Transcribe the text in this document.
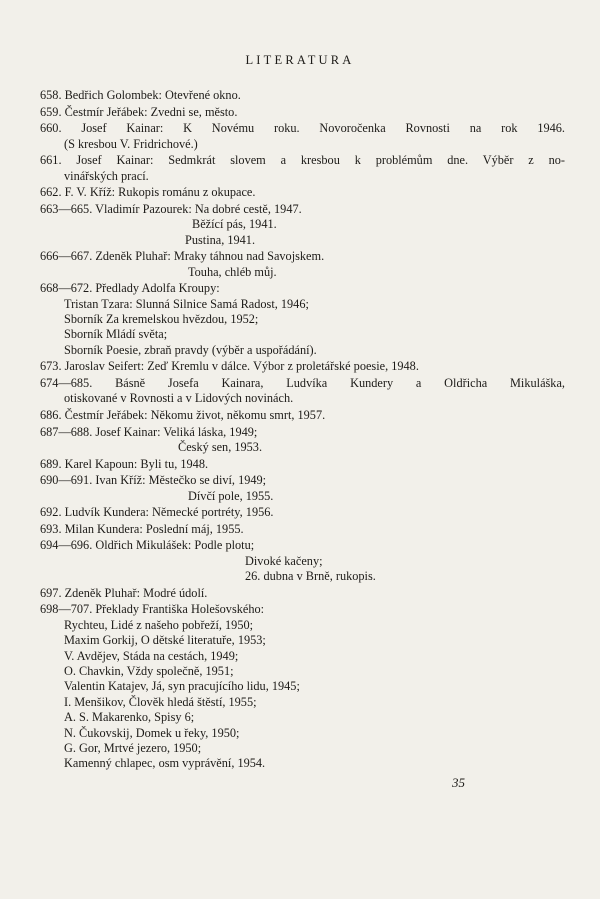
LITERATURA
658. Bedřich Golombek: Otevřené okno.
659. Čestmír Jeřábek: Zvedni se, město.
660. Josef Kainar: K Novému roku. Novoročenka Rovnosti na rok 1946.
(S kresbou V. Fridrichové.)
661. Josef Kainar: Sedmkrát slovem a kresbou k problémům dne. Výběr z no-
vinářských prací.
662. F. V. Kříž: Rukopis románu z okupace.
663—665. Vladimír Pazourek: Na dobré cestě, 1947.
Běžící pás, 1941.
Pustina, 1941.
666—667. Zdeněk Pluhař: Mraky táhnou nad Savojskem.
Touha, chléb můj.
668—672. Předlady Adolfa Kroupy:
Tristan Tzara: Slunná Silnice Samá Radost, 1946;
Sborník Za kremelskou hvězdou, 1952;
Sborník Mládí světa;
Sborník Poesie, zbraň pravdy (výběr a uspořádání).
673. Jaroslav Seifert: Zeď Kremlu v dálce. Výbor z proletářské poesie, 1948.
674—685. Básně Josefa Kainara, Ludvíka Kundery a Oldřicha Mikuláška,
otiskované v Rovnosti a v Lidových novinách.
686. Čestmír Jeřábek: Někomu život, někomu smrt, 1957.
687—688. Josef Kainar: Veliká láska, 1949;
Český sen, 1953.
689. Karel Kapoun: Byli tu, 1948.
690—691. Ivan Kříž: Městečko se diví, 1949;
Dívčí pole, 1955.
692. Ludvík Kundera: Německé portréty, 1956.
693. Milan Kundera: Poslední máj, 1955.
694—696. Oldřich Mikulášek: Podle plotu;
Divoké kačeny;
26. dubna v Brně, rukopis.
697. Zdeněk Pluhař: Modré údolí.
698—707. Překlady Františka Holešovského:
Rychteu, Lidé z našeho pobřeží, 1950;
Maxim Gorkij, O dětské literatuře, 1953;
V. Avdějev, Stáda na cestách, 1949;
O. Chavkin, Vždy společně, 1951;
Valentin Katajev, Já, syn pracujícího lidu, 1945;
I. Menšikov, Člověk hledá štěstí, 1955;
A. S. Makarenko, Spisy 6;
N. Čukovskij, Domek u řeky, 1950;
G. Gor, Mrtvé jezero, 1950;
Kamenný chlapec, osm vyprávění, 1954.
35
